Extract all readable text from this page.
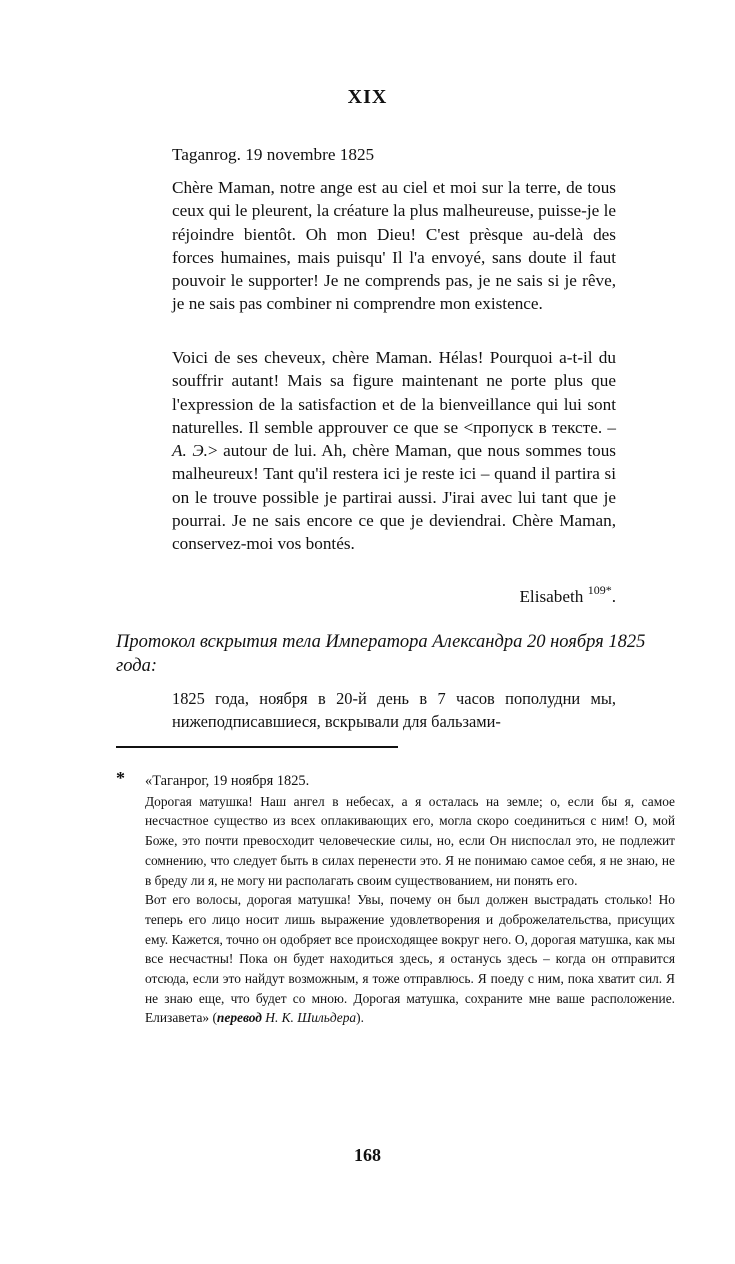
XIX
Taganrog. 19 novembre 1825

Chère Maman, notre ange est au ciel et moi sur la terre, de tous ceux qui le pleurent, la créature la plus malheureuse, puisse-je le réjoindre bientôt. Oh mon Dieu! C'est prèsque au-delà des forces humaines, mais puisqu' Il l'a envoyé, sans doute il faut pouvoir le supporter! Je ne comprends pas, je ne sais si je rêve, je ne sais pas combiner ni comprendre mon existence.

Voici de ses cheveux, chère Maman. Hélas! Pourquoi a-t-il du souffrir autant! Mais sa figure maintenant ne porte plus que l'expression de la satisfaction et de la bienveillance qui lui sont naturelles. Il semble approuver ce que se <пропуск в тексте. – А. Э.> autour de lui. Ah, chère Maman, que nous sommes tous malheureux! Tant qu'il restera ici je reste ici – quand il partira si on le trouve possible je partirai aussi. J'irai avec lui tant que je pourrai. Je ne sais encore ce que je deviendrai. Chère Maman, conservez-moi vos bontés.

Elisabeth $^{109*}$.
Протокол вскрытия тела Императора Александра 20 ноября 1825 года:
1825 года, ноября в 20-й день в 7 часов пополудни мы, нижеподписавшиеся, вскрывали для бальзами-
* «Таганрог, 19 ноября 1825.

Дорогая матушка! Наш ангел в небесах, а я осталась на земле; о, если бы я, самое несчастное существо из всех оплакивающих его, могла скоро соединиться с ним! О, мой Боже, это почти превосходит человеческие силы, но, если Он ниспослал это, не подлежит сомнению, что следует быть в силах перенести это. Я не понимаю самое себя, я не знаю, не в бреду ли я, не могу ни располагать своим существованием, ни понять его.

Вот его волосы, дорогая матушка! Увы, почему он был должен выстрадать столько! Но теперь его лицо носит лишь выражение удовлетворения и доброжелательства, присущих ему. Кажется, точно он одобряет все происходящее вокруг него. О, дорогая матушка, как мы все несчастны! Пока он будет находиться здесь, я останусь здесь – когда он отправится отсюда, если это найдут возможным, я тоже отправлюсь. Я поеду с ним, пока хватит сил. Я не знаю еще, что будет со мною. Дорогая матушка, сохраните мне ваше расположение. Елизавета» (перевод Н. К. Шильдера).

168
